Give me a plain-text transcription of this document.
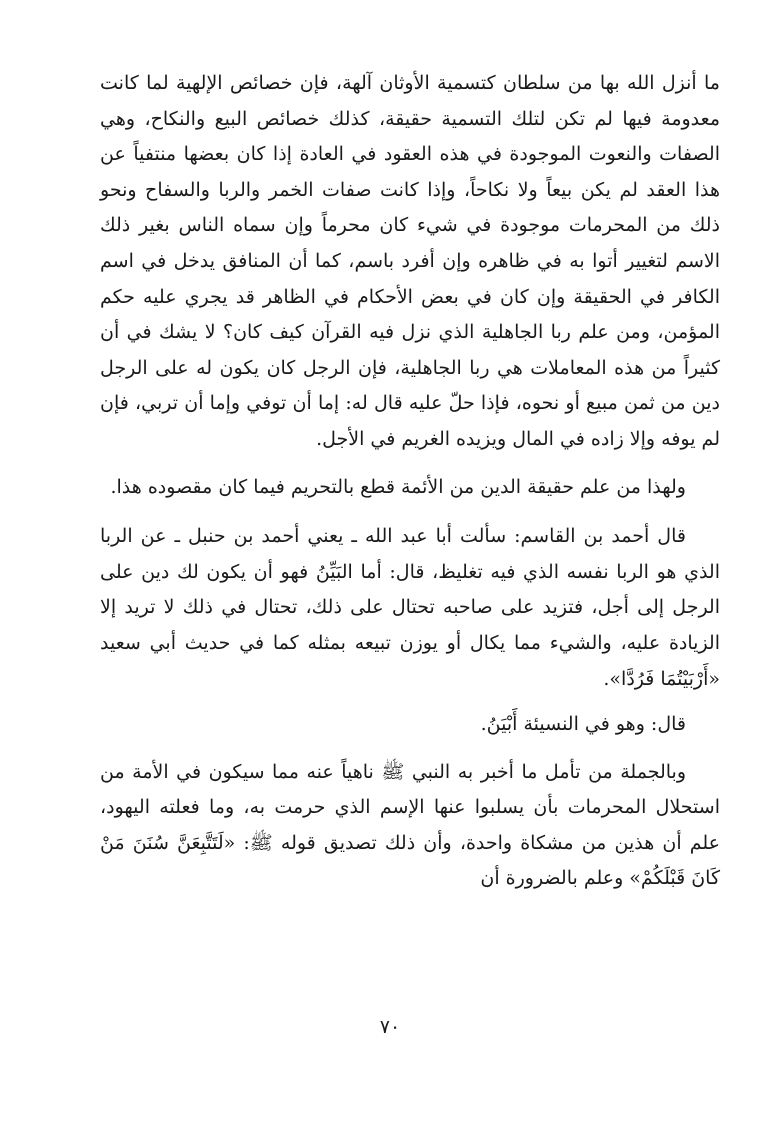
ما أنزل الله بها من سلطان كتسمية الأوثان آلهة، فإن خصائص الإلهية لما كانت معدومة فيها لم تكن لتلك التسمية حقيقة، كذلك خصائص البيع والنكاح، وهي الصفات والنعوت الموجودة في هذه العقود في العادة إذا كان بعضها منتفياً عن هذا العقد لم يكن بيعاً ولا نكاحاً، وإذا كانت صفات الخمر والربا والسفاح ونحو ذلك من المحرمات موجودة في شيء كان محرماً وإن سماه الناس بغير ذلك الاسم لتغيير أتوا به في ظاهره وإن أفرد باسم، كما أن المنافق يدخل في اسم الكافر في الحقيقة وإن كان في بعض الأحكام في الظاهر قد يجري عليه حكم المؤمن، ومن علم ربا الجاهلية الذي نزل فيه القرآن كيف كان؟ لا يشك في أن كثيراً من هذه المعاملات هي ربا الجاهلية، فإن الرجل كان يكون له على الرجل دين من ثمن مبيع أو نحوه، فإذا حلّ عليه قال له: إما أن توفي وإما أن تربي، فإن لم يوفه وإلا زاده في المال ويزيده الغريم في الأجل.

ولهذا من علم حقيقة الدين من الأئمة قطع بالتحريم فيما كان مقصوده هذا.

قال أحمد بن القاسم: سألت أبا عبد الله ـ يعني أحمد بن حنبل ـ عن الربا الذي هو الربا نفسه الذي فيه تغليظ، قال: أما البَيِّنُ فهو أن يكون لك دين على الرجل إلى أجل، فتزيد على صاحبه تحتال على ذلك، تحتال في ذلك لا تريد إلا الزيادة عليه، والشيء مما يكال أو يوزن تبيعه بمثله كما في حديث أبي سعيد «أَرْبَيْتُمَا فَرُدَّا».

قال: وهو في النسيئة أَبْيَنُ.

وبالجملة من تأمل ما أخبر به النبي ﷺ ناهياً عنه مما سيكون في الأمة من استحلال المحرمات بأن يسلبوا عنها الإسم الذي حرمت به، وما فعلته اليهود، علم أن هذين من مشكاة واحدة، وأن ذلك تصديق قوله ﷺ: «لَتَتَّبِعَنَّ سُنَنَ مَنْ كَانَ قَبْلَكُمْ» وعلم بالضرورة أن

٧٠
